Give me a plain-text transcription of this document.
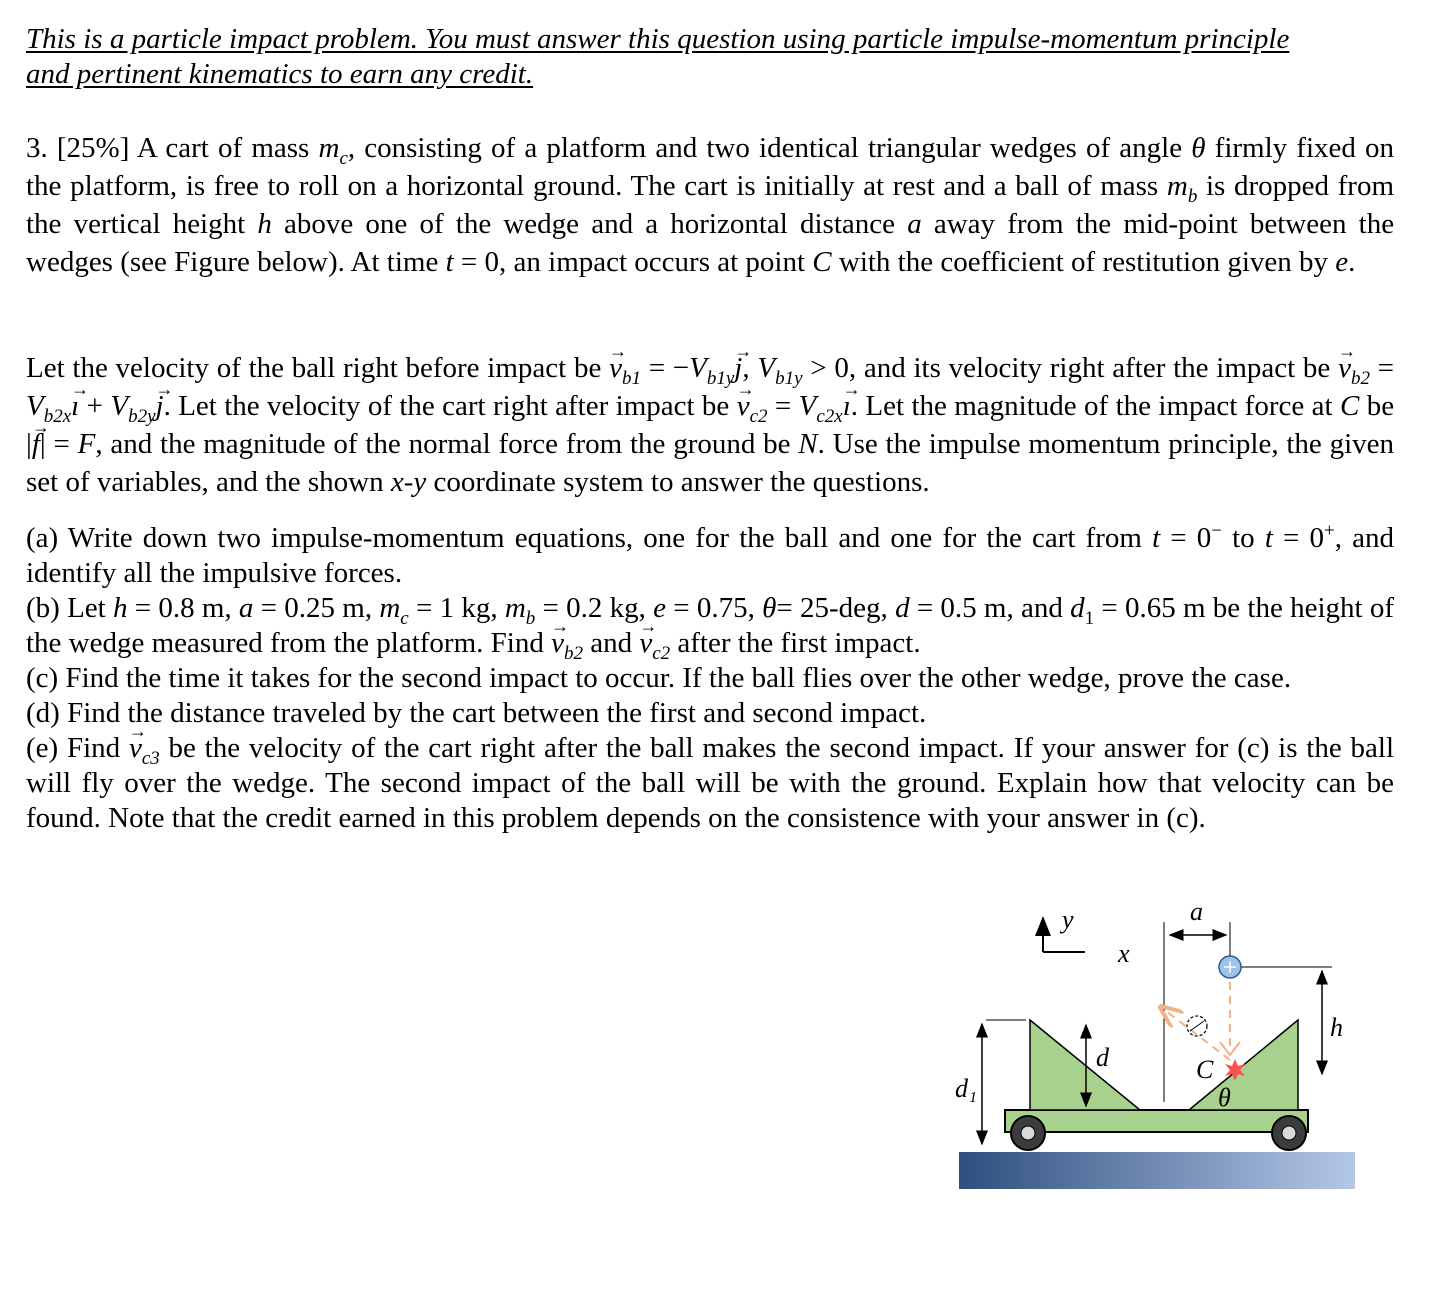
This is a particle impact problem. You must answer this question using particle impulse-momentum principle
and pertinent kinematics to earn any credit.
3. [25%] A cart of mass $m_c$, consisting of a platform and two identical triangular wedges of angle θ firmly fixed on the platform, is free to roll on a horizontal ground. The cart is initially at rest and a ball of mass $m_b$ is dropped from the vertical height h above one of the wedge and a horizontal distance a away from the mid-point between the wedges (see Figure below). At time t = 0, an impact occurs at point C with the coefficient of restitution given by e.
Let the velocity of the ball right before impact be → $v_{b1} = -V_{b1y}\to j$, $V_{b1y} > 0$, and its velocity right after the impact be → $v_{b2} = V_{b2x}\to$ ı + $V_{b2y}\to j$. Let the velocity of the cart right after impact be → $v_{c2} = V_{c2x}\to$ ı. Let the magnitude of the impact force at C be |→ f| = F, and the magnitude of the normal force from the ground be N. Use the impulse momentum principle, the given set of variables, and the shown x-y coordinate system to answer the questions.
(a) Write down two impulse-momentum equations, one for the ball and one for the cart from t = 0− to t = 0+, and identify all the impulsive forces.
(b) Let h = 0.8 m, a = 0.25 m, $m_c = 1$ kg, $m_b = 0.2$ kg, e = 0.75, θ= 25-deg, d = 0.5 m, and $d_1 = 0.65$ m be the height of the wedge measured from the platform. Find → $v_{b2}$ and → $v_{c2}$ after the first impact.
(c) Find the time it takes for the second impact to occur. If the ball flies over the other wedge, prove the case.
(d) Find the distance traveled by the cart between the first and second impact.
(e) Find → $v_{c3}$ be the velocity of the cart right after the ball makes the second impact. If your answer for (c) is the ball will fly over the wedge. The second impact of the ball will be with the ground. Explain how that velocity can be found. Note that the credit earned in this problem depends on the consistence with your answer in (c).
y
x
d₁
d
a
h
C
θ
